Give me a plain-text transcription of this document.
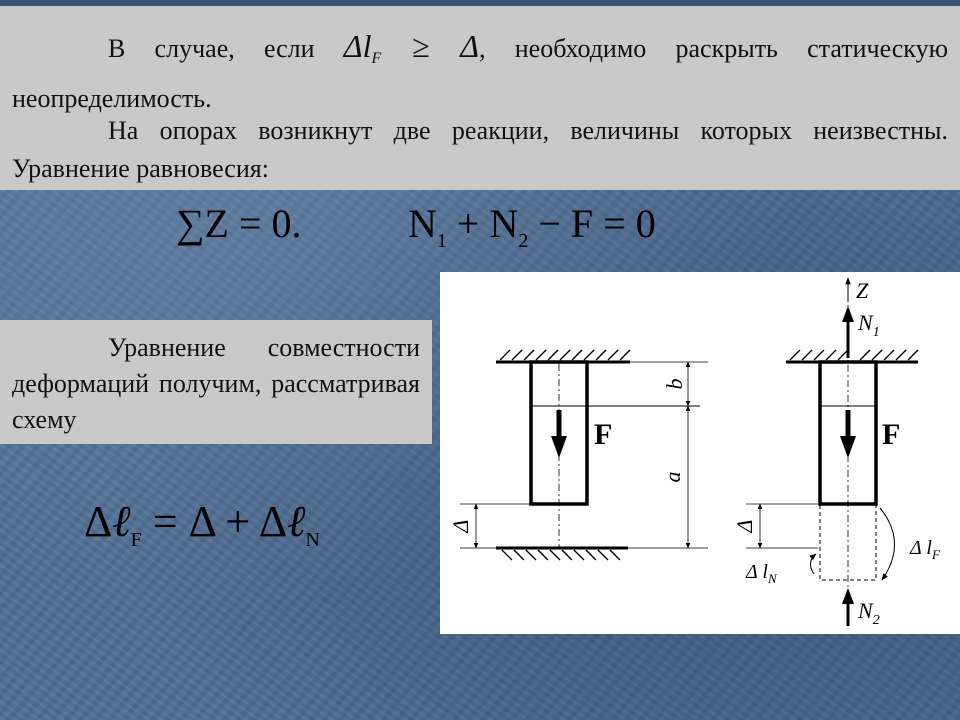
В случае, если ΔlF ≥ Δ, необходимо раскрыть статическую неопределимость.

На опорах возникнут две реакции, величины которых неизвестны. Уравнение равновесия:

∑Z = 0.	$N_1 + N_2 - F = 0$

Уравнение совместности деформаций получим, рассматривая схему

Δℓ$_F$ = Δ + Δℓ$_N$
F
b
a
Δ
Z
$N_1$
F
Δ
Δ $l_F$
Δ $l_N$
$N_2$
